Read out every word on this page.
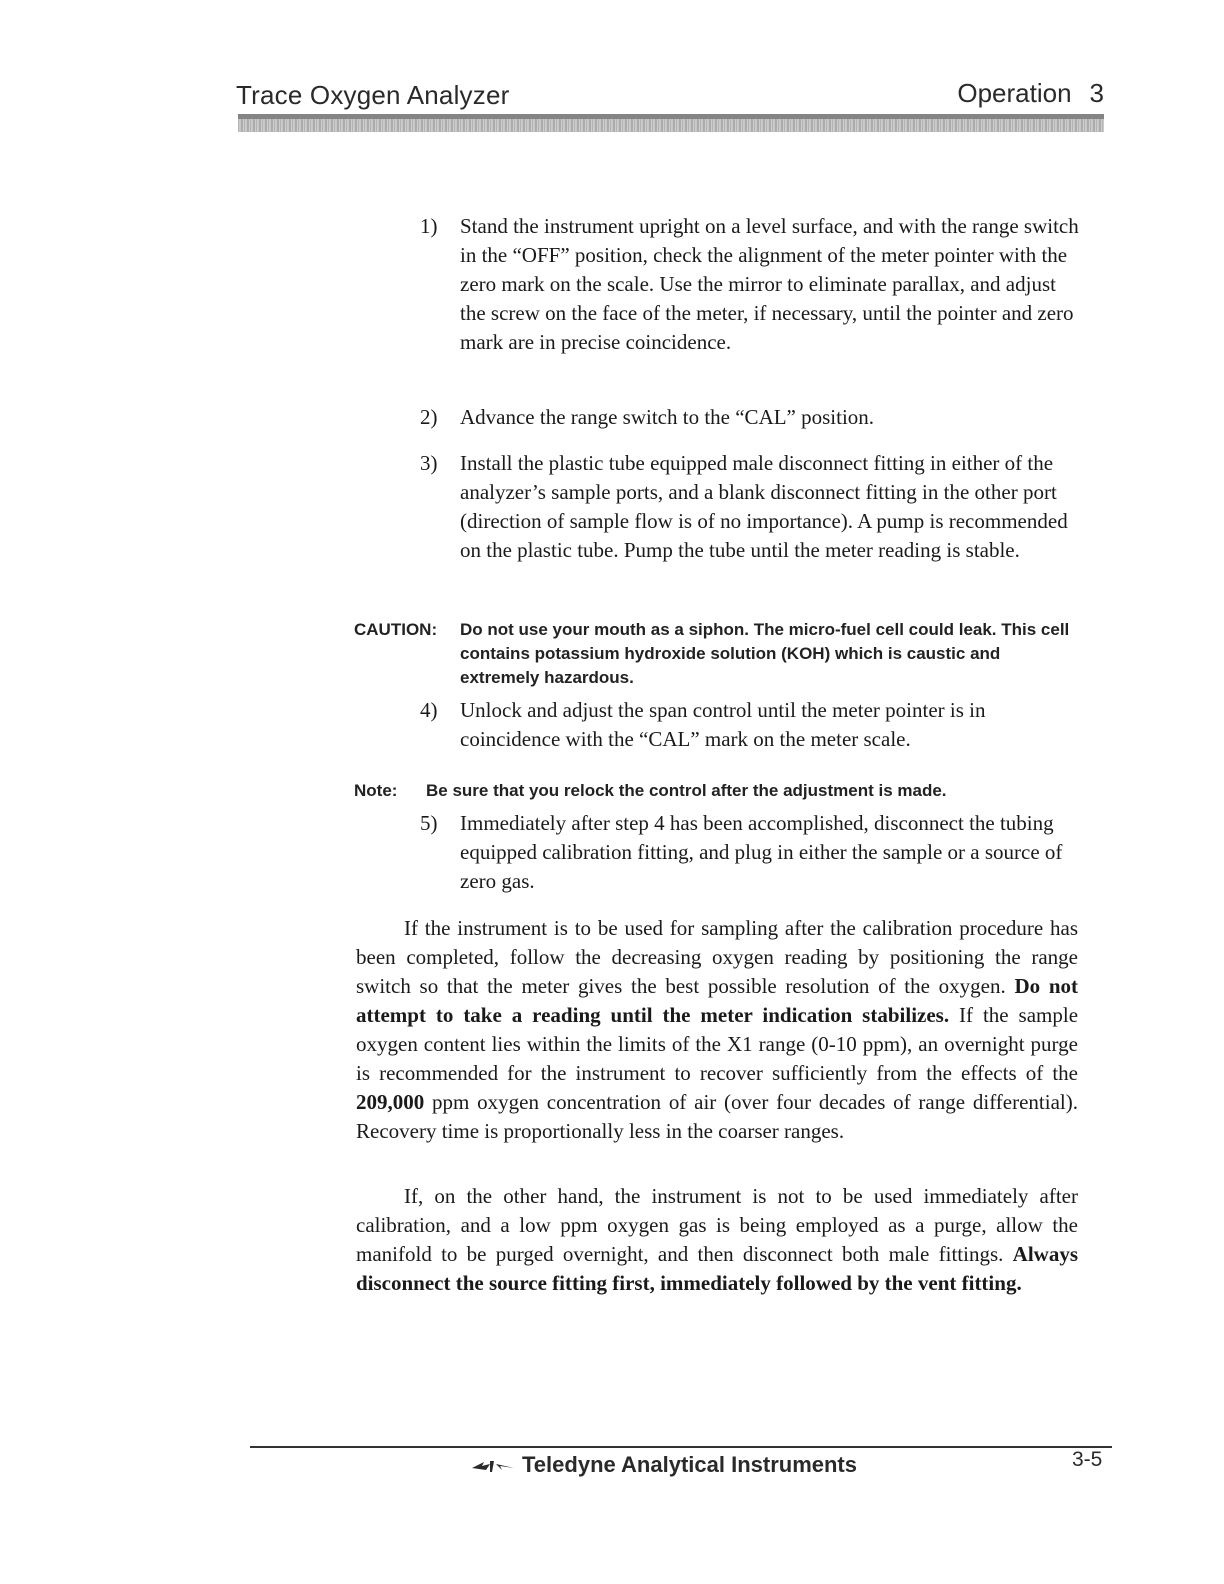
Trace Oxygen Analyzer	Operation 3
1) Stand the instrument upright on a level surface, and with the range switch in the “OFF” position, check the alignment of the meter pointer with the zero mark on the scale. Use the mirror to eliminate parallax, and adjust the screw on the face of the meter, if necessary, until the pointer and zero mark are in precise coincidence.
2) Advance the range switch to the “CAL” position.
3) Install the plastic tube equipped male disconnect fitting in either of the analyzer’s sample ports, and a blank disconnect fitting in the other port (direction of sample flow is of no importance). A pump is recommended on the plastic tube. Pump the tube until the meter reading is stable.
CAUTION: Do not use your mouth as a siphon. The micro-fuel cell could leak. This cell contains potassium hydroxide solution (KOH) which is caustic and extremely hazardous.
4) Unlock and adjust the span control until the meter pointer is in coincidence with the “CAL” mark on the meter scale.
Note: Be sure that you relock the control after the adjustment is made.
5) Immediately after step 4 has been accomplished, disconnect the tubing equipped calibration fitting, and plug in either the sample or a source of zero gas.
If the instrument is to be used for sampling after the calibration procedure has been completed, follow the decreasing oxygen reading by positioning the range switch so that the meter gives the best possible resolution of the oxygen. Do not attempt to take a reading until the meter indication stabilizes. If the sample oxygen content lies within the limits of the X1 range (0-10 ppm), an overnight purge is recommended for the instrument to recover sufficiently from the effects of the 209,000 ppm oxygen concentration of air (over four decades of range differential). Recovery time is proportionally less in the coarser ranges.
If, on the other hand, the instrument is not to be used immediately after calibration, and a low ppm oxygen gas is being employed as a purge, allow the manifold to be purged overnight, and then disconnect both male fittings. Always disconnect the source fitting first, immediately followed by the vent fitting.
Teledyne Analytical Instruments	3-5
